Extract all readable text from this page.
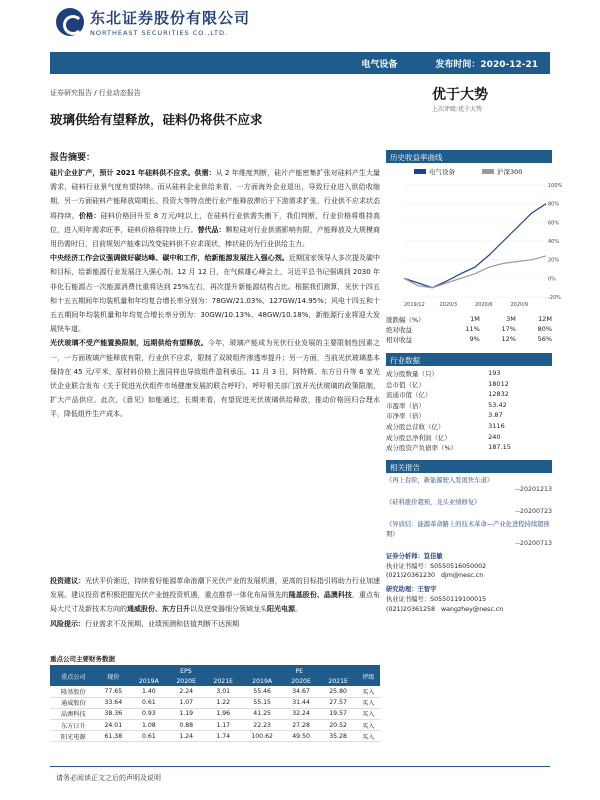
东北证券股份有限公司
NORTHEAST SECURITIES CO.,LTD.
电气设备	发布时间：2020-12-21
证券研究报告 / 行业动态报告	优于大势
上次评级:优于大势
玻璃供给有望释放，硅料仍将供不应求
报告摘要：

硅片企业扩产，预计 2021 年硅料供不应求。供需：从 2 年维度判断，硅片产能密集扩张对硅料产生大量需求，硅料行业景气度有望持续。而从硅料企业供给来看，一方面海外企业退出，导致行业进入供给收缩期，另一方面硅料产能释放周期长、投资大等特点使行业产能释放滞后于下游需求扩张，行业供不应求状态将持续。价格：硅料价格回升至 8 万元/吨以上，在硅料行业供需失衡下，我们判断，行业价格将维持高位，进入明年需求旺季，硅料价格将持续上行。替代品：颗粒硅对行业供需影响有限，产能释放及大规模商用仍需时日，目前规划产能难以改变硅料供不应求现状，棒状硅仍为行业供给主力。

中央经济工作会议强调做好碳达峰、碳中和工作，给新能源发展注入强心剂。近期国家领导人多次提及碳中和目标，给新能源行业发展注入强心剂。12 月 12 日，在气候雄心峰会上，习近平总书记强调到 2030 年非化石能源占一次能源消费比重将达到 25%左右，再次提升新能源结构占比。根据我们测算，光伏十四五和十五五期间年均装机量和年均复合增长率分别为：78GW/21.03%、127GW/14.95%；风电十四五和十五五期间年均装机量和年均复合增长率分别为：30GW/10.13%、48GW/10.18%，新能源行业将迎大发展快车道。

光伏玻璃不受产能置换限制，远期供给有望释放。今年，玻璃产能成为光伏行业发展的主要限制性因素之一，一方面玻璃产能释放有限，行业供不应求，限制了双玻组件渗透率提升；另一方面，当前光伏玻璃基本保持在 45 元/平米，原材料价格上涨同样也导致组件盈利承压。11 月 3 日，阿特斯、东方日升等 6 家光伏企业联合发布《关于促进光伏组件市场健康发展的联合呼吁》，呼吁相关部门放开光伏玻璃的政策限制，扩大产品供应。此次，《意见》如能通过，长期来看，有望促进光伏玻璃供给释放，推动价格回归合理水平，降低组件生产成本。

投资建议：光伏平价渐近，持续看好能源革命浪潮下光伏产业的发展机遇，更高的目标指引将助力行业加速发展。建议投资者积极把握光伏产业链投资机遇，重点推荐一体化布局领先的隆基股份、晶澳科技，重点布局大尺寸及新技术方向的通威股份、东方日升以及逆变器细分领域龙头阳光电源。

风险提示：行业需求不及预期、业绩预测和估值判断不达预期

重点公司主要财务数据
重点公司	现价	EPS			PE			评级
		2019A	2020E	2021E	2019A	2020E	2021E	
隆基股份	77.65	1.40	2.24	3.01	55.46	34.67	25.80	买入
通威股份	33.64	0.61	1.07	1.22	55.15	31.44	27.57	买入
晶澳科技	38.36	0.93	1.19	1.96	41.25	32.24	19.57	买入
东方日升	24.01	1.08	0.88	1.17	22.23	27.28	20.52	买入
阳光电源	61.38	0.61	1.24	1.74	100.62	49.50	35.28	买入
历史收益率曲线
电气设备	沪深300
-20%
0%
20%
40%
60%
80%
100%
2019/12	2020/3	2020/6	2020/9
涨跌幅（%）	1M	3M	12M
绝对收益	11%	17%	80%
相对收益	9%	12%	56%
行业数据
成分股数量（只）	193
总市值（亿）	18012
流通市值（亿）	12832
市盈率（倍）	53.42
市净率（倍）	3.87
成分股总营收（亿）	3116
成分股总净利润（亿）	240
成分股资产负债率（%）	187.15
相关报告
《再上台阶，新能源驶入发展快车道》
--20201213
《硅料涨价超预，龙头业绩修复》
--20200723
《异质结：能源革命路上的技术革命—产业化进程持续超预期》
--20200713
证券分析师：笪佳敏
执业证书编号：S0550516050002
(021)20361230 djm@nesc.cn
研究助理：王智宇
执业证书编号：S0550119100015
(021)20361258 wangzhey@nesc.cn
请务必阅读正文之后的声明及说明
